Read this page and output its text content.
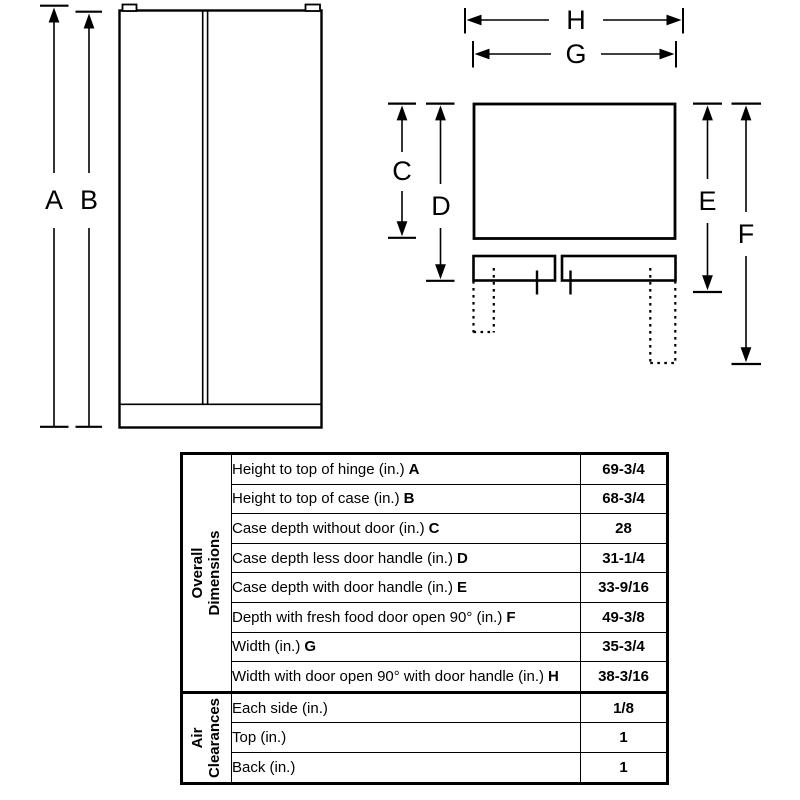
A B
H
G
C
D	E
F
Overall Dimensions	Height to top of hinge (in.) A	69-3/4
	Height to top of case (in.) B	68-3/4
	Case depth without door (in.) C	28
	Case depth less door handle (in.) D	31-1/4
	Case depth with door handle (in.) E	33-9/16
	Depth with fresh food door open 90° (in.) F	49-3/8
	Width (in.) G	35-3/4
	Width with door open 90° with door handle (in.) H	38-3/16

Air Clearances	Each side (in.)	1/8
	Top (in.)	1
	Back (in.)	1
